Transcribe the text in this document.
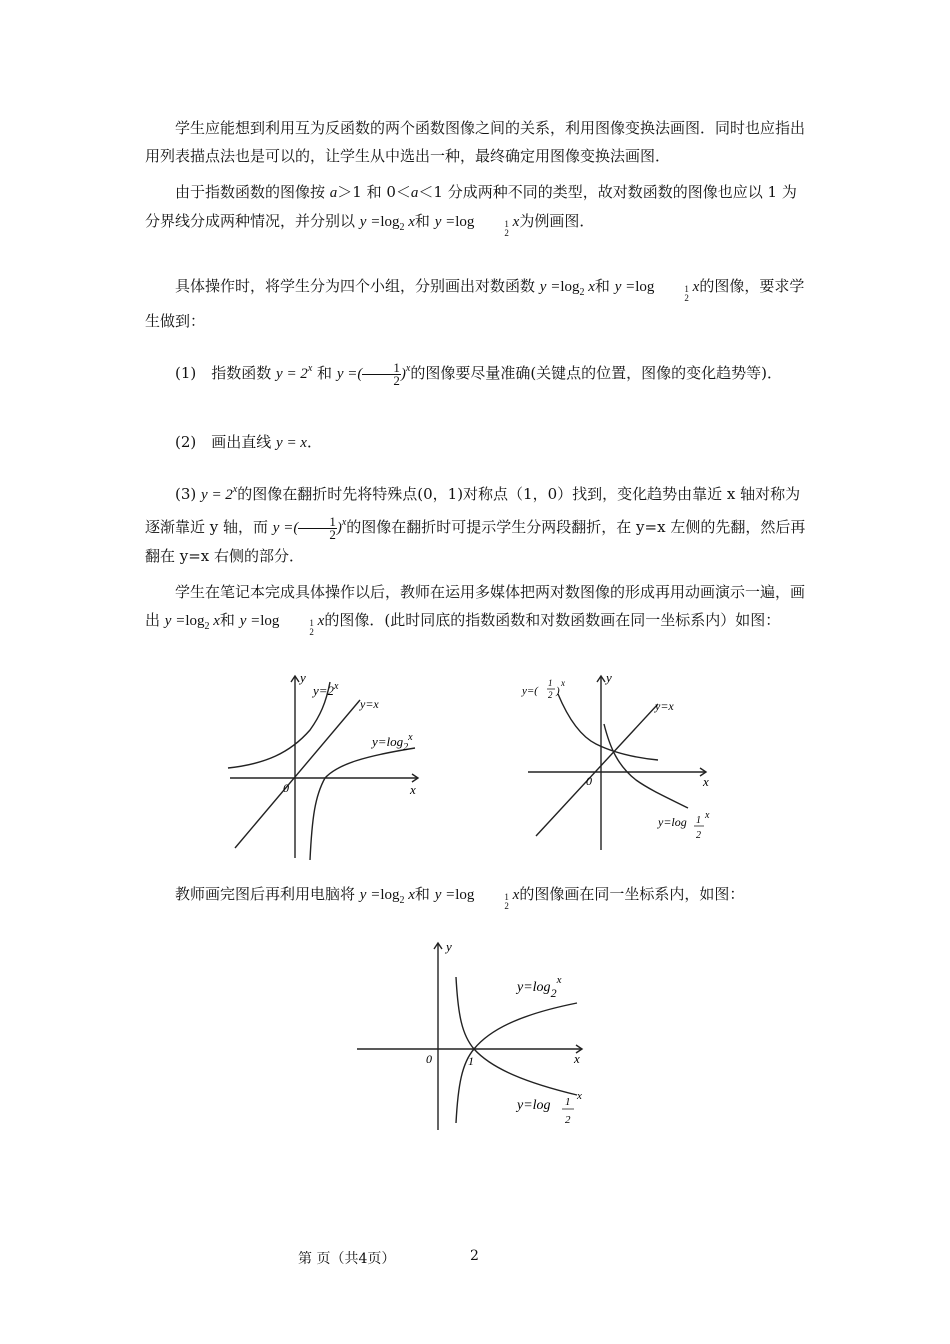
学生应能想到利用互为反函数的两个函数图像之间的关系，利用图像变换法画图．同时也应指出用列表描点法也是可以的，让学生从中选出一种，最终确定用图像变换法画图．
由于指数函数的图像按 a＞1 和 0＜a＜1 分成两种不同的类型，故对数函数的图像也应以 1 为分界线分成两种情况，并分别以 $y =\log_2$ x和 y =log	1
2
x为例画图．
具体操作时，将学生分为四个小组，分别画出对数函数 $y =\log_2$ x和 y =log	1
2
x的图像，要求学生做到：
(1)　指数函数 $y = 2^x$ 和 y =( $\frac{1}{2} )^x$的图像要尽量准确(关键点的位置，图像的变化趋势等)．
(2)　画出直线 y = x．
(3) $y = 2^x$的图像在翻折时先将特殊点(0，1)对称点（1，0）找到，变化趋势由靠近 x 轴对称为逐渐靠近 y 轴，而 y =( $\frac{1}{2} )^x$的图像在翻折时可提示学生分两段翻折，在 y=x 左侧的先翻，然后再翻在 y=x 右侧的部分．
学生在笔记本完成具体操作以后，教师在运用多媒体把两对数图像的形成再用动画演示一遍，画出 $y =\log_2$ x和 y =log	1
2
x的图像．(此时同底的指数函数和对数函数画在同一坐标系内）如图：
y
x
0
$y=2^x$
y=x
$y=\log_2^x$
y
x
0
y=(
1
2 )
x
y=x
y=log 1
2
x
教师画完图后再利用电脑将 $y =\log_2$ x和 y =log	1
2
x的图像画在同一坐标系内，如图：
y
x
0	1
$y=\log 2^x$
y=log 1
2
x
第 页（共4页）	2
